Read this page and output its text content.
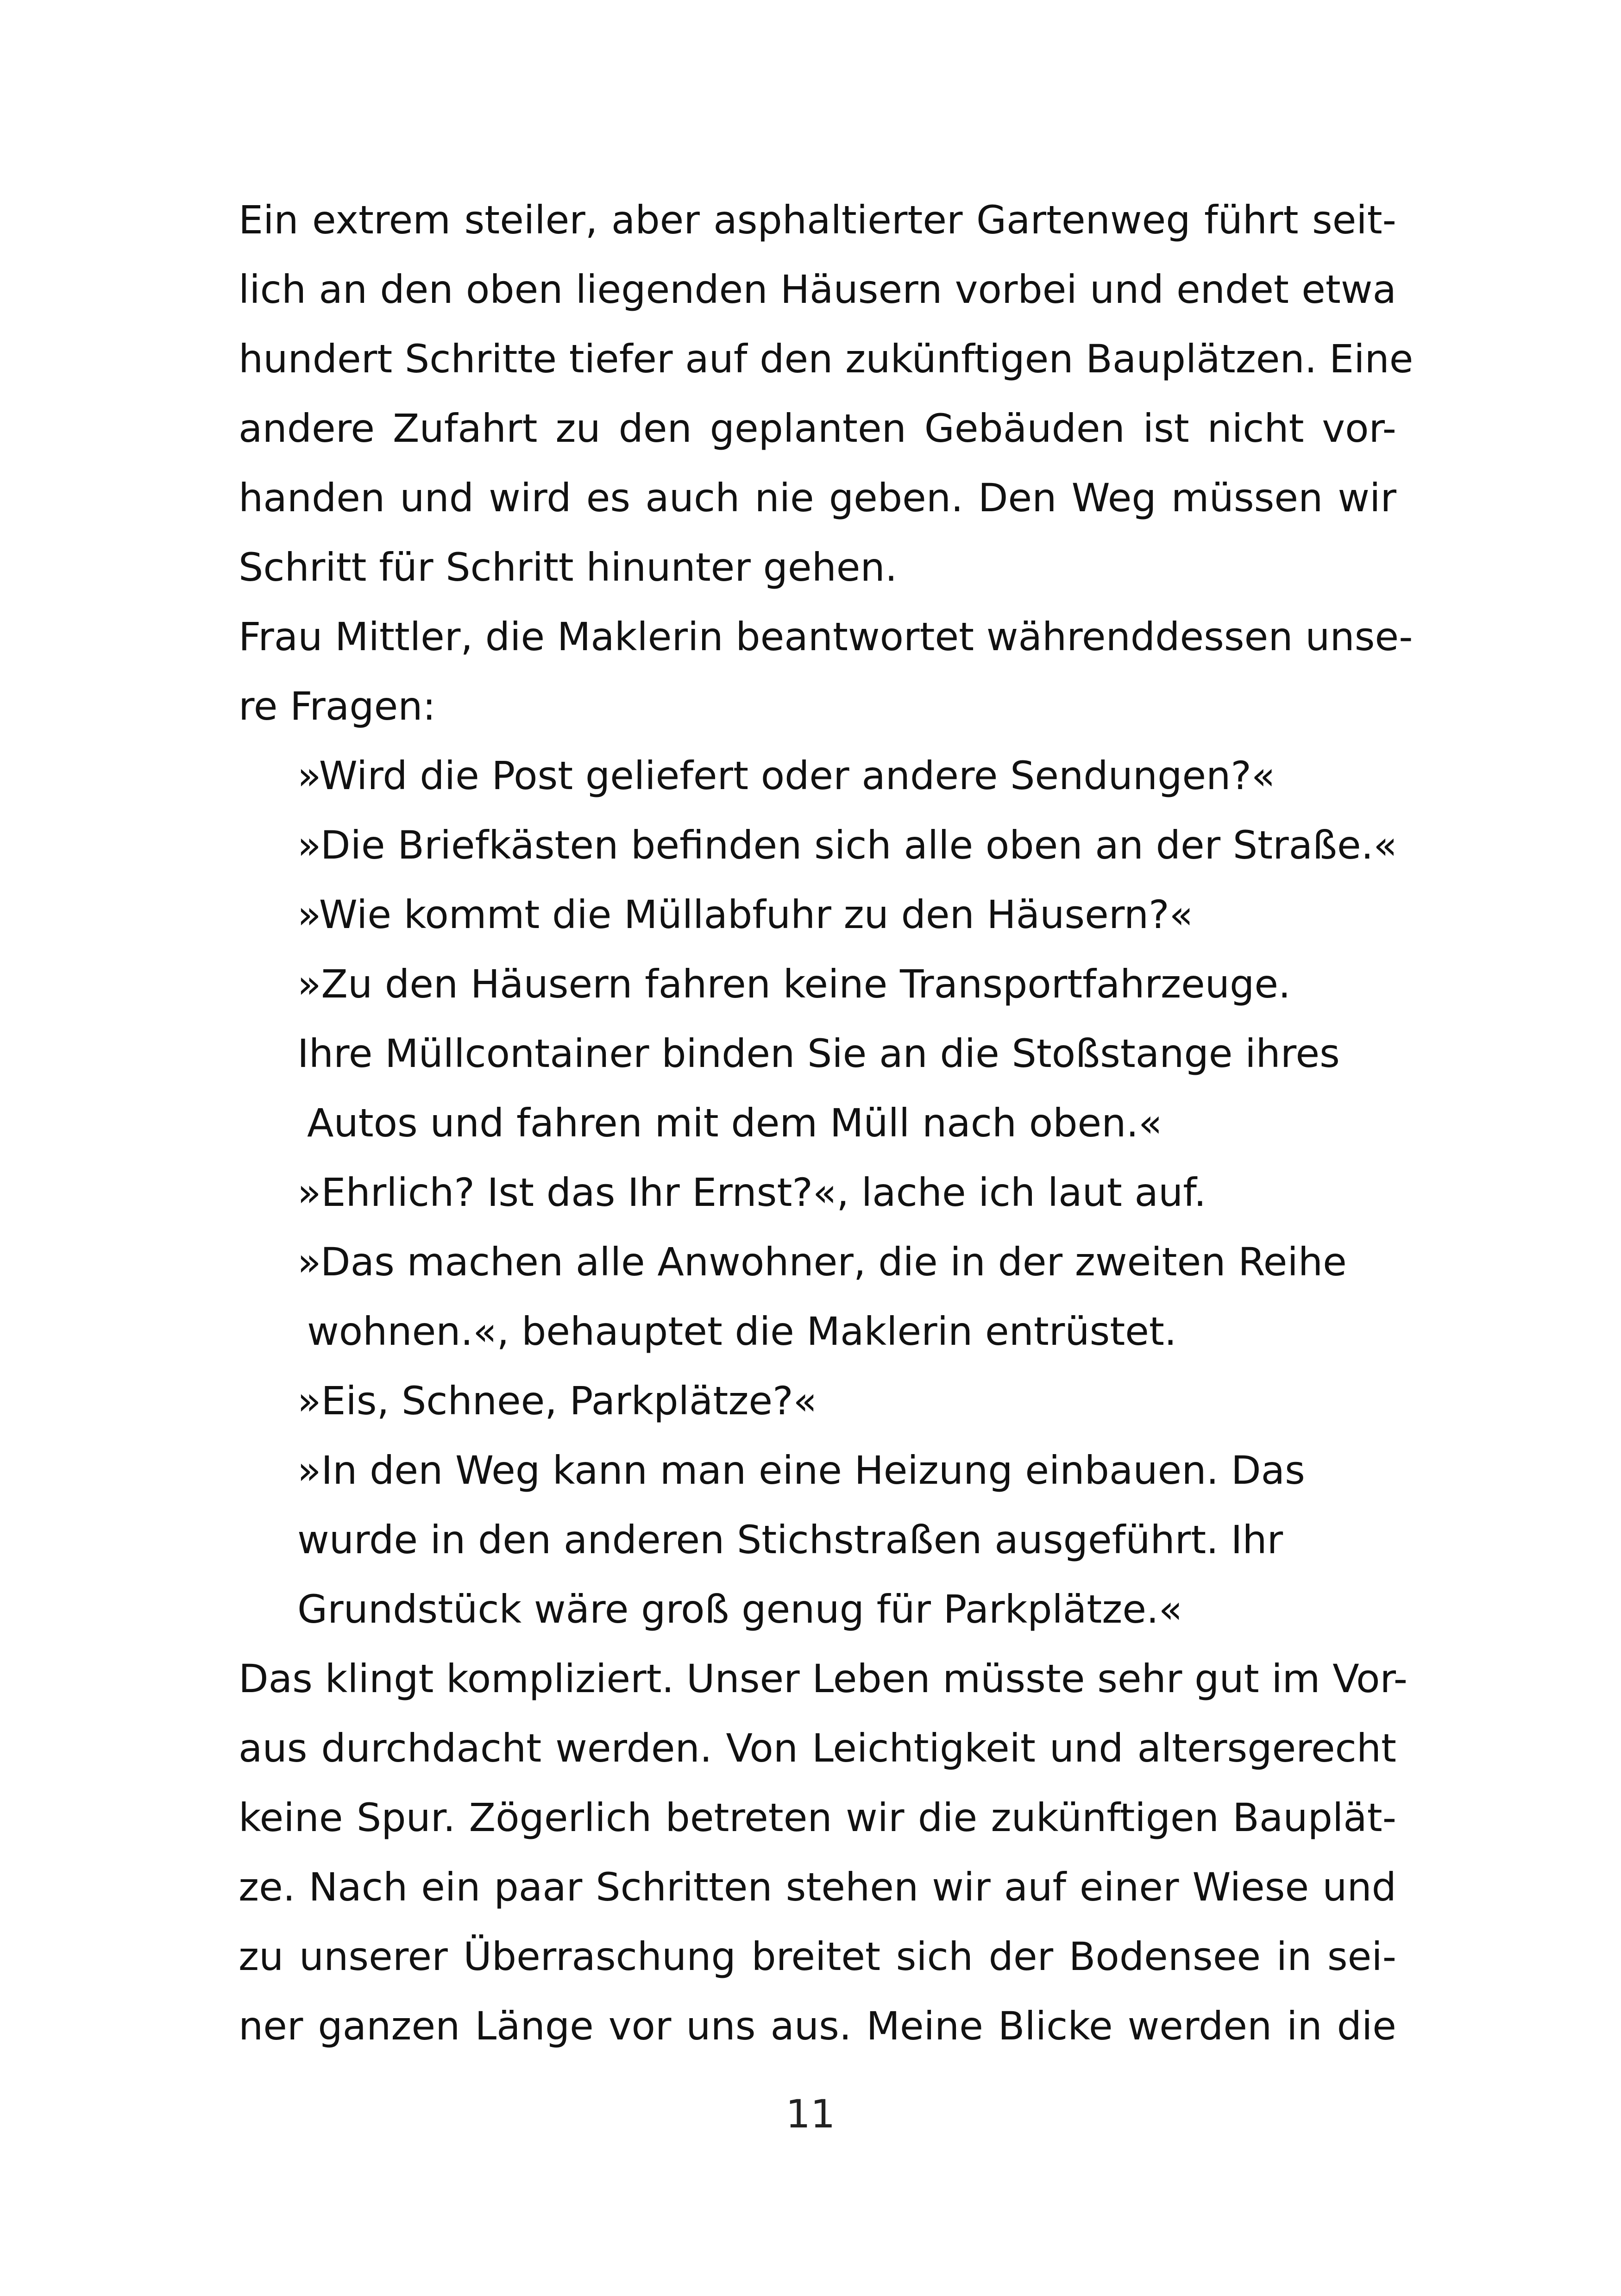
Ein extrem steiler, aber asphaltierter Gartenweg führt seit-
lich an den oben liegenden Häusern vorbei und endet etwa
hundert Schritte tiefer auf den zukünftigen Bauplätzen. Eine
andere Zufahrt zu den geplanten Gebäuden ist nicht vor-
handen und wird es auch nie geben. Den Weg müssen wir
Schritt für Schritt hinunter gehen.
Frau Mittler, die Maklerin beantwortet währenddessen unse-
re Fragen:
»Wird die Post geliefert oder andere Sendungen?«
»Die Briefkästen befinden sich alle oben an der Straße.«
»Wie kommt die Müllabfuhr zu den Häusern?«
»Zu den Häusern fahren keine Transportfahrzeuge.
Ihre Müllcontainer binden Sie an die Stoßstange ihres
Autos und fahren mit dem Müll nach oben.«
»Ehrlich? Ist das Ihr Ernst?«, lache ich laut auf.
»Das machen alle Anwohner, die in der zweiten Reihe
wohnen.«, behauptet die Maklerin entrüstet.
»Eis, Schnee, Parkplätze?«
»In den Weg kann man eine Heizung einbauen. Das
wurde in den anderen Stichstraßen ausgeführt. Ihr
Grundstück wäre groß genug für Parkplätze.«
Das klingt kompliziert. Unser Leben müsste sehr gut im Vor-
aus durchdacht werden. Von Leichtigkeit und altersgerecht
keine Spur. Zögerlich betreten wir die zukünftigen Bauplät-
ze. Nach ein paar Schritten stehen wir auf einer Wiese und
zu unserer Überraschung breitet sich der Bodensee in sei-
ner ganzen Länge vor uns aus. Meine Blicke werden in die
11
